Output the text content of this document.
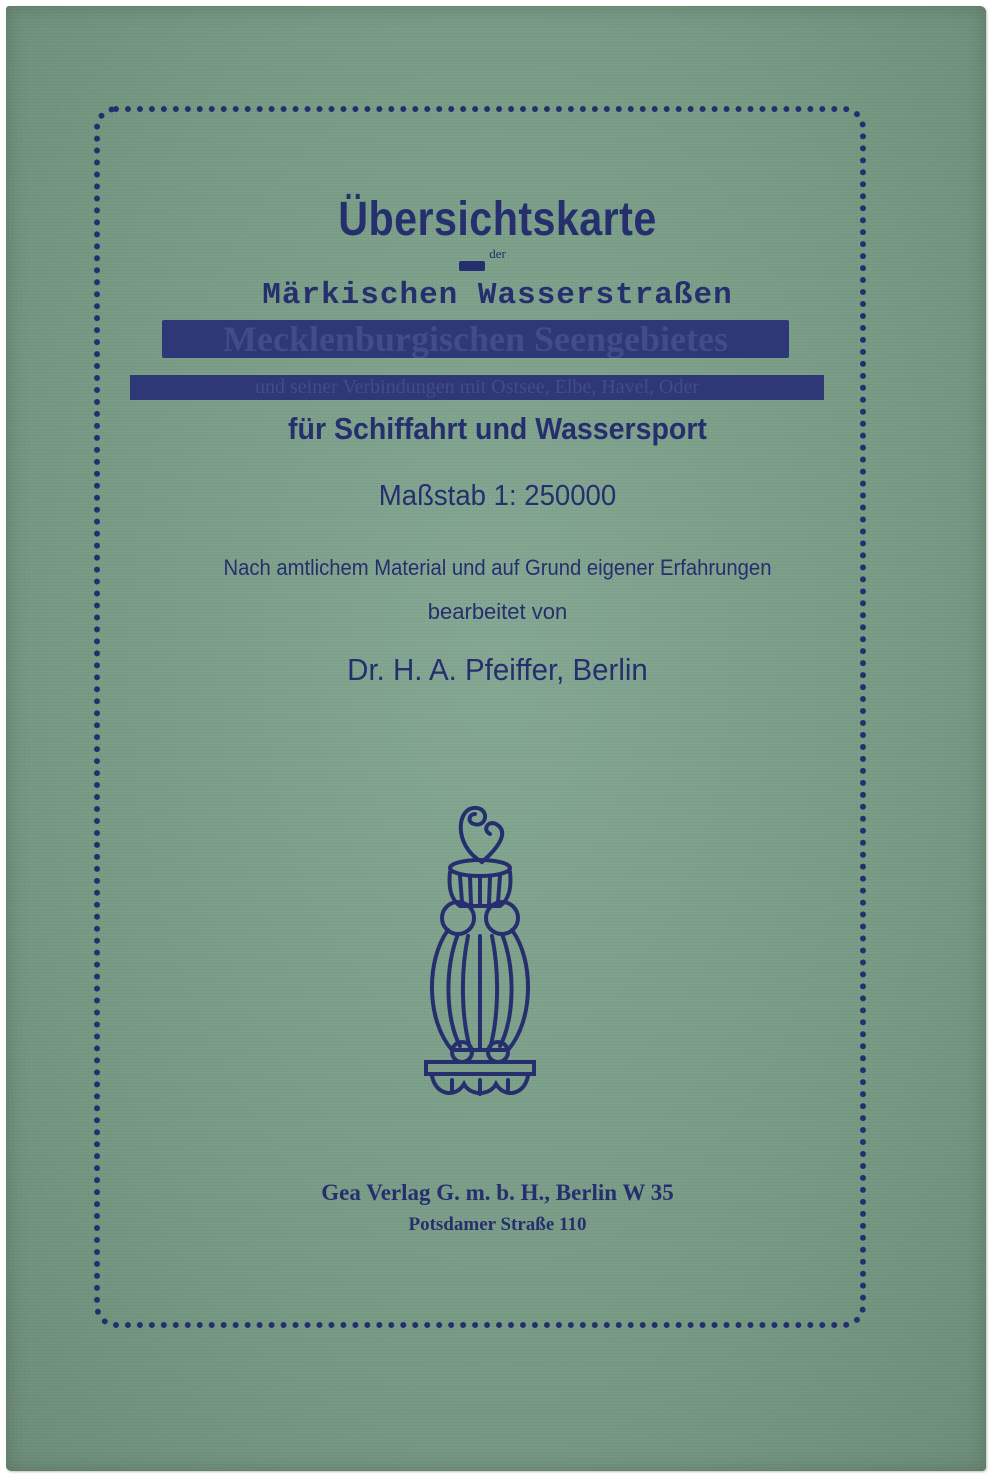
Übersichtskarte
der
Märkischen Wasserstraßen
Mecklenburgischen Seengebietes
und seiner Verbindungen mit Ostsee, Elbe, Havel, Oder
für Schiffahrt und Wassersport
Maßstab 1: 250000
Nach amtlichem Material und auf Grund eigener Erfahrungen
bearbeitet von
Dr. H. A. Pfeiffer, Berlin
Gea Verlag G. m. b. H., Berlin W 35
Potsdamer Straße 110
